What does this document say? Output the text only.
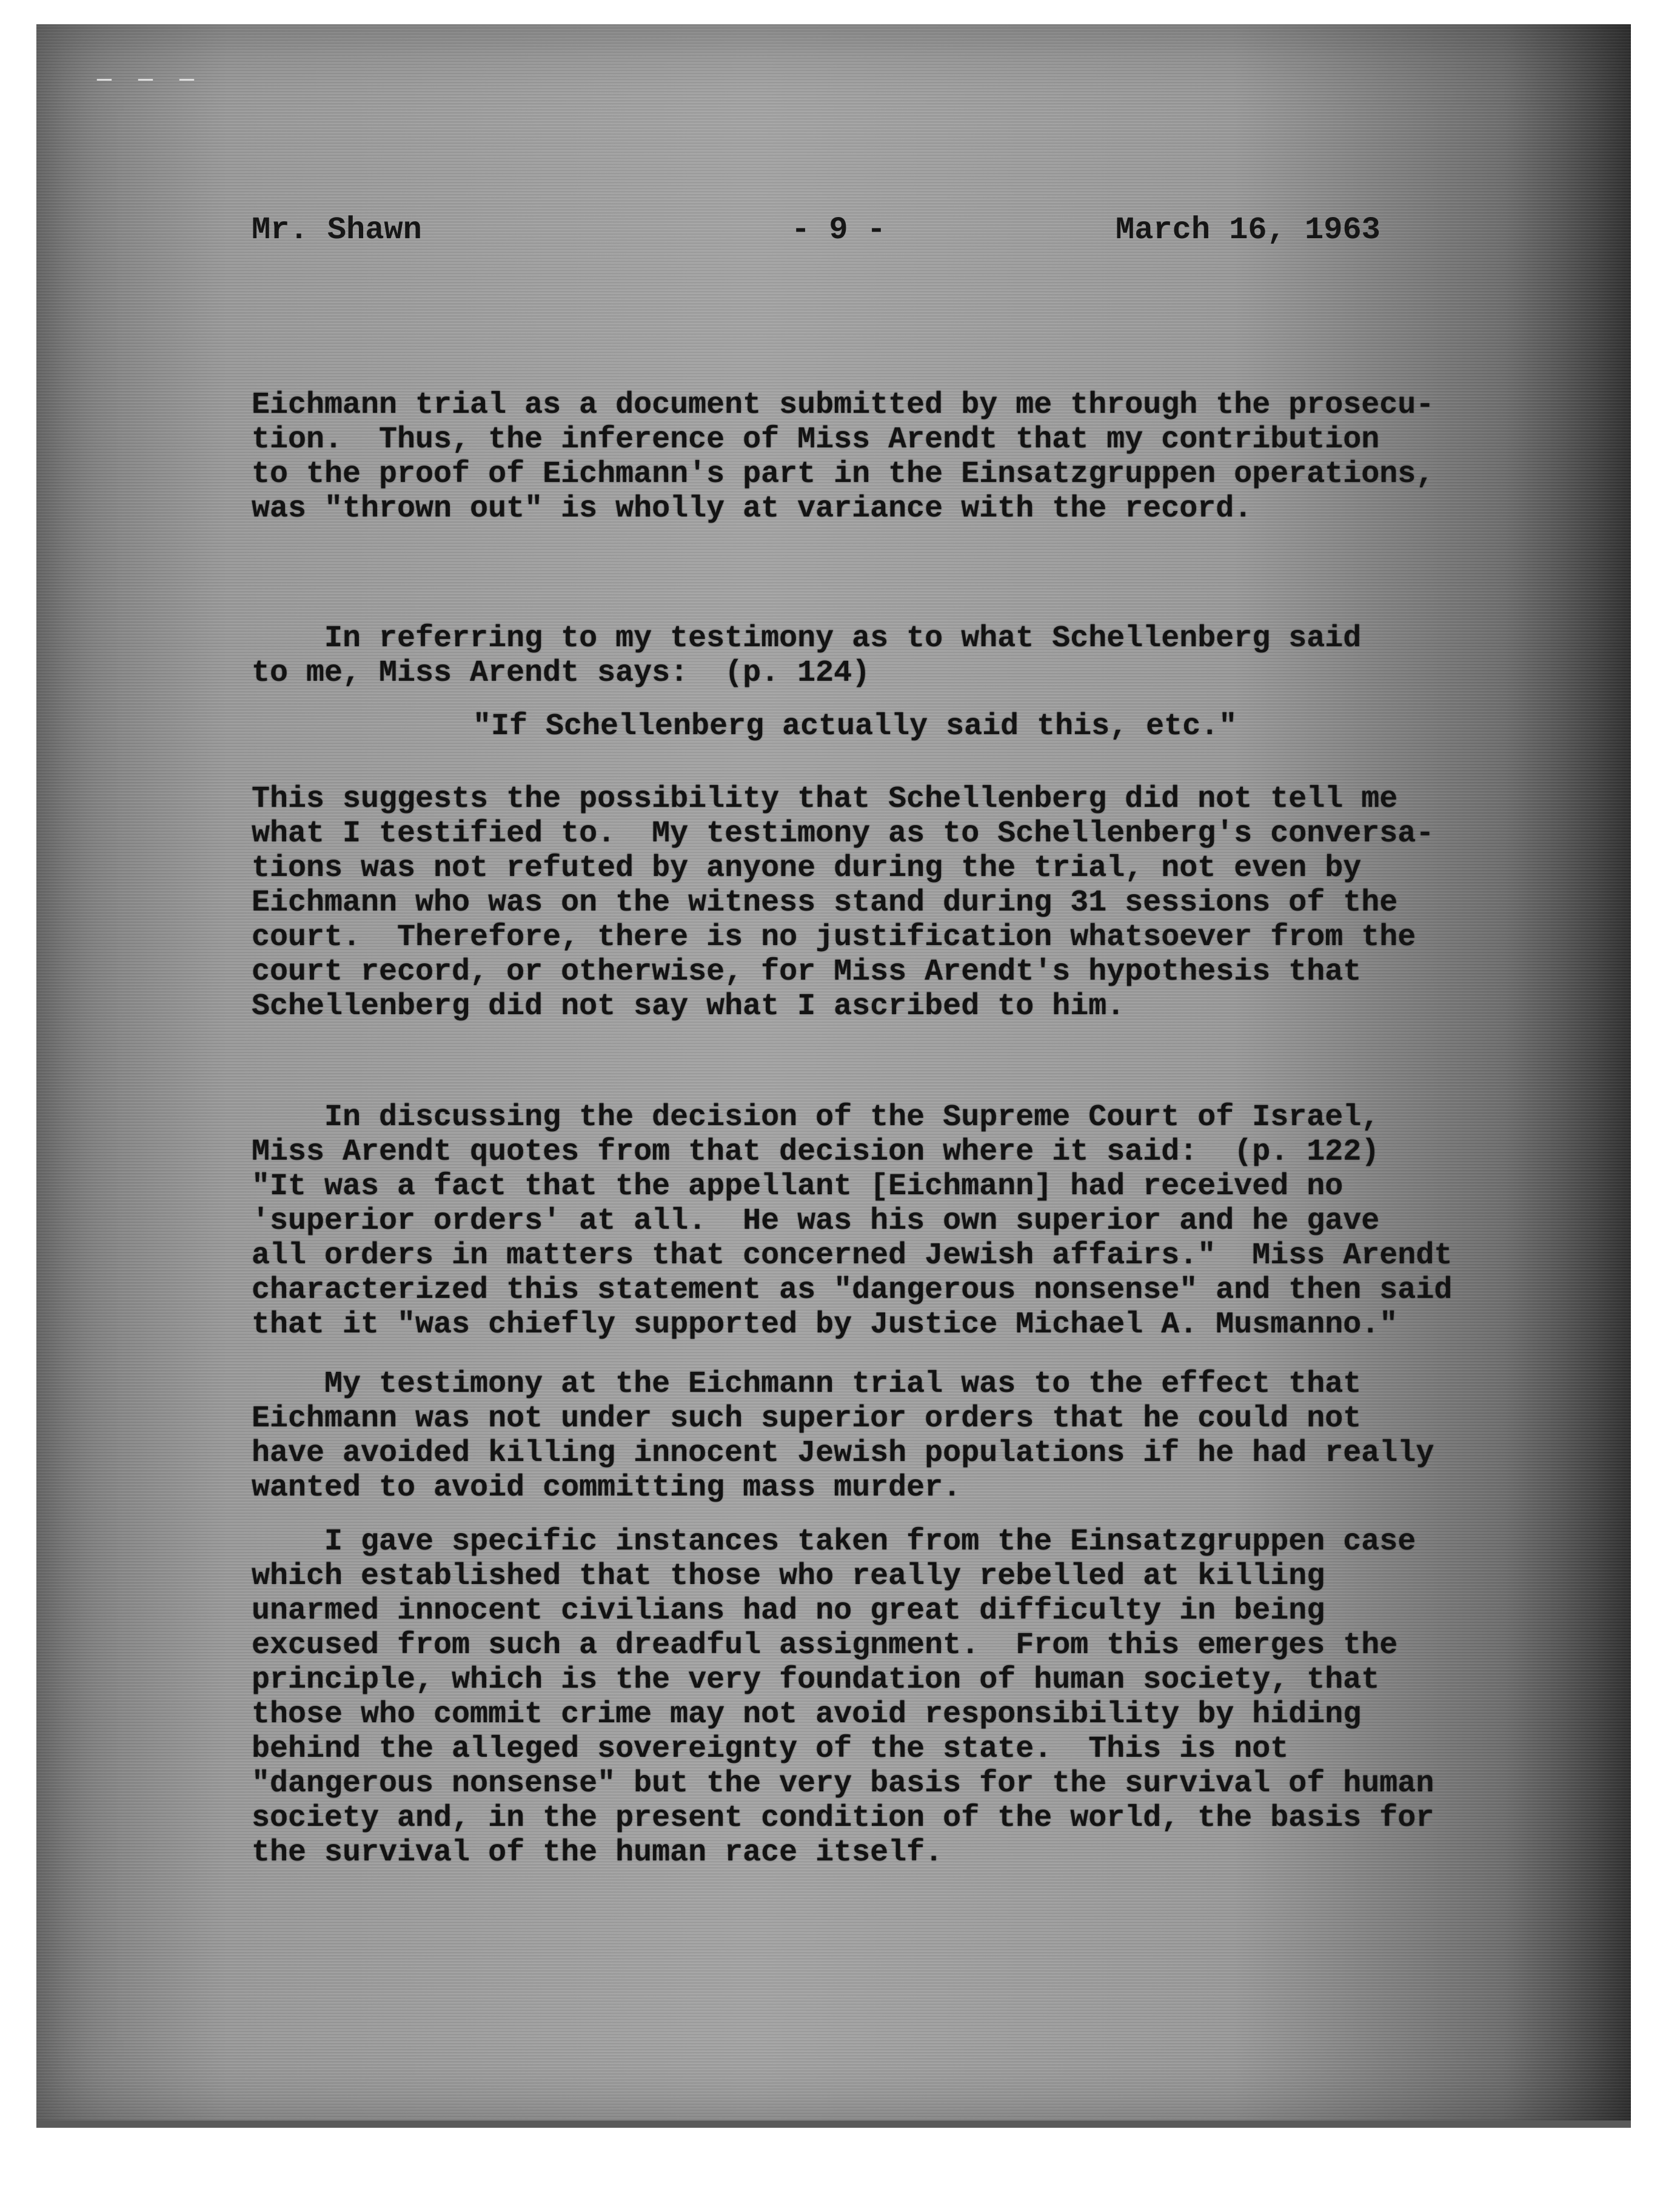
— — —
Mr. Shawn	- 9 -	March 16, 1963
Eichmann trial as a document submitted by me through the prosecu-
tion.  Thus, the inference of Miss Arendt that my contribution
to the proof of Eichmann's part in the Einsatzgruppen operations,
was "thrown out" is wholly at variance with the record.
In referring to my testimony as to what Schellenberg said
to me, Miss Arendt says:  (p. 124)
"If Schellenberg actually said this, etc."
This suggests the possibility that Schellenberg did not tell me
what I testified to.  My testimony as to Schellenberg's conversa-
tions was not refuted by anyone during the trial, not even by
Eichmann who was on the witness stand during 31 sessions of the
court.  Therefore, there is no justification whatsoever from the
court record, or otherwise, for Miss Arendt's hypothesis that
Schellenberg did not say what I ascribed to him.
In discussing the decision of the Supreme Court of Israel,
Miss Arendt quotes from that decision where it said:  (p. 122)
"It was a fact that the appellant [Eichmann] had received no
'superior orders' at all.  He was his own superior and he gave
all orders in matters that concerned Jewish affairs."  Miss Arendt
characterized this statement as "dangerous nonsense" and then said
that it "was chiefly supported by Justice Michael A. Musmanno."
My testimony at the Eichmann trial was to the effect that
Eichmann was not under such superior orders that he could not
have avoided killing innocent Jewish populations if he had really
wanted to avoid committing mass murder.
I gave specific instances taken from the Einsatzgruppen case
which established that those who really rebelled at killing
unarmed innocent civilians had no great difficulty in being
excused from such a dreadful assignment.  From this emerges the
principle, which is the very foundation of human society, that
those who commit crime may not avoid responsibility by hiding
behind the alleged sovereignty of the state.  This is not
"dangerous nonsense" but the very basis for the survival of human
society and, in the present condition of the world, the basis for
the survival of the human race itself.
